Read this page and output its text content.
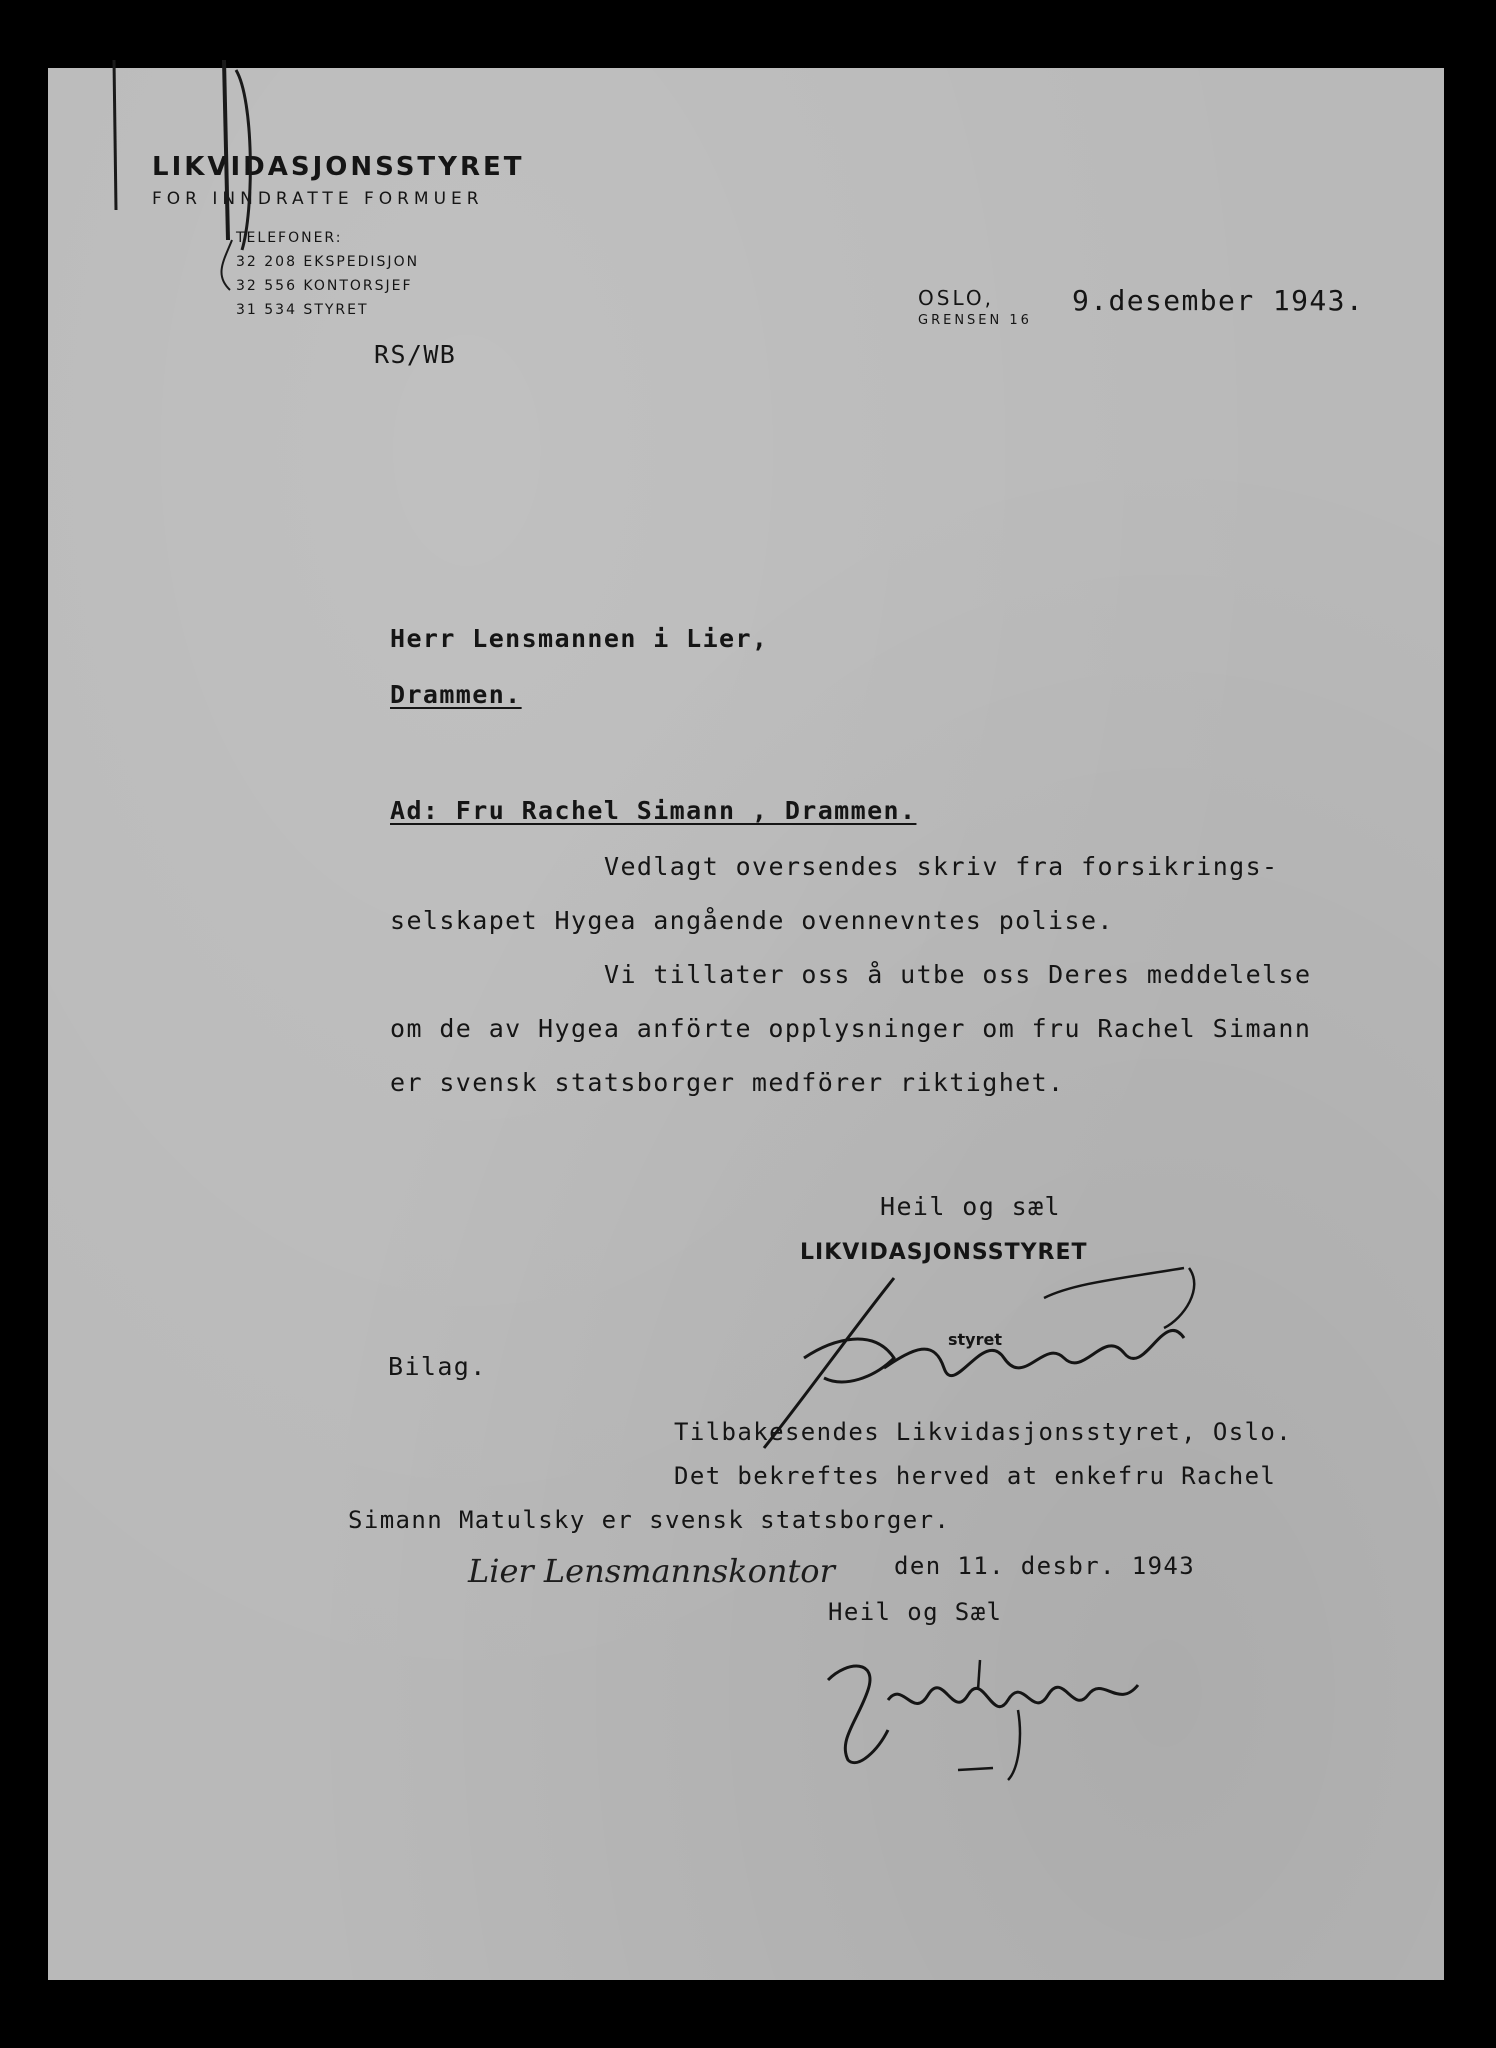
LIKVIDASJONSSTYRET
FOR INNDRATTE FORMUER
TELEFONER:
32 208 EKSPEDISJON
32 556 KONTORSJEF
31 534 STYRET	OSLO,
GRENSEN 16
9.desember 1943.
RS/WB
Herr Lensmannen i Lier,
Drammen.
Ad: Fru Rachel Simann , Drammen.
Vedlagt oversendes skriv fra forsikrings-
selskapet Hygea angående ovennevntes polise.
Vi tillater oss å utbe oss Deres meddelelse
om de av Hygea anförte opplysninger om fru Rachel Simann
er svensk statsborger medförer riktighet.
Heil og sæl
LIKVIDASJONSSTYRET
styret
Bilag.
Tilbakesendes Likvidasjonsstyret, Oslo.
Det bekreftes herved at enkefru Rachel
Simann Matulsky er svensk statsborger.
Lier Lensmannskontor den 11. desbr. 1943
Heil og Sæl
